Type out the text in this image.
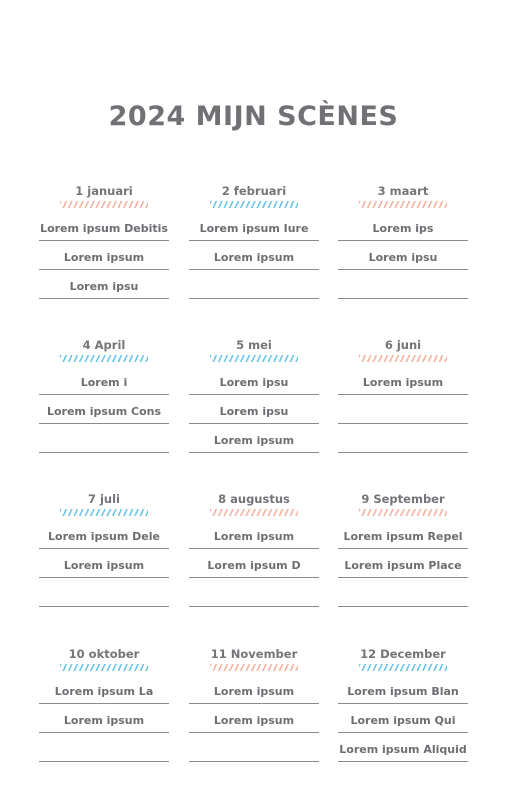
2024 MIJN SCÈNES
1 januari
Lorem ipsum Debitis
Lorem ipsum
Lorem ipsu
2 februari
Lorem ipsum Iure
Lorem ipsum
3 maart
Lorem ips
Lorem ipsu
4 April
Lorem i
Lorem ipsum Cons
5 mei
Lorem ipsu
Lorem ipsu
Lorem ipsum
6 juni
Lorem ipsum
7 juli
Lorem ipsum Dele
Lorem ipsum
8 augustus
Lorem ipsum
Lorem ipsum D
9 September
Lorem ipsum Repel
Lorem ipsum Place
10 oktober
Lorem ipsum La
Lorem ipsum
11 November
Lorem ipsum
Lorem ipsum
12 December
Lorem ipsum Blan
Lorem ipsum Qui
Lorem ipsum Aliquid
